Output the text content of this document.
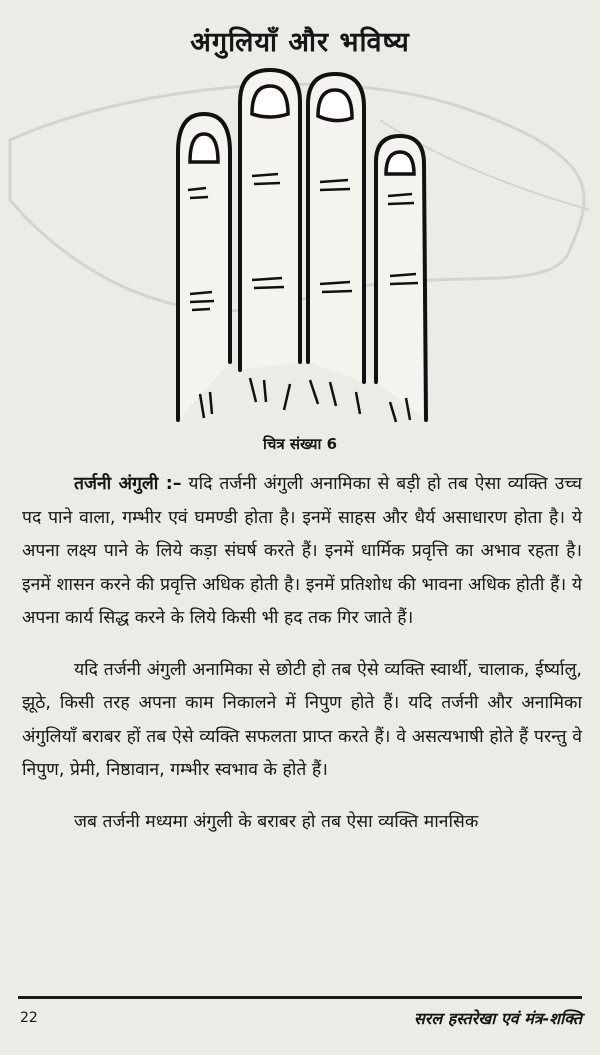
अंगुलियाँ और भविष्य
चित्र संख्या 6

तर्जनी अंगुली :– यदि तर्जनी अंगुली अनामिका से बड़ी हो तब ऐसा व्यक्ति उच्च पद पाने वाला, गम्भीर एवं घमण्डी होता है। इनमें साहस और धैर्य असाधारण होता है। ये अपना लक्ष्य पाने के लिये कड़ा संघर्ष करते हैं। इनमें धार्मिक प्रवृत्ति का अभाव रहता है। इनमें शासन करने की प्रवृत्ति अधिक होती है। इनमें प्रतिशोध की भावना अधिक होती हैं। ये अपना कार्य सिद्ध करने के लिये किसी भी हद तक गिर जाते हैं।

यदि तर्जनी अंगुली अनामिका से छोटी हो तब ऐसे व्यक्ति स्वार्थी, चालाक, ईर्ष्यालु, झूठे, किसी तरह अपना काम निकालने में निपुण होते हैं। यदि तर्जनी और अनामिका अंगुलियाँ बराबर हों तब ऐसे व्यक्ति सफलता प्राप्त करते हैं। वे असत्यभाषी होते हैं परन्तु वे निपुण, प्रेमी, निष्ठावान, गम्भीर स्वभाव के होते हैं।

जब तर्जनी मध्यमा अंगुली के बराबर हो तब ऐसा व्यक्ति मानसिक

22	सरल हस्तरेखा एवं मंत्र-शक्ति
